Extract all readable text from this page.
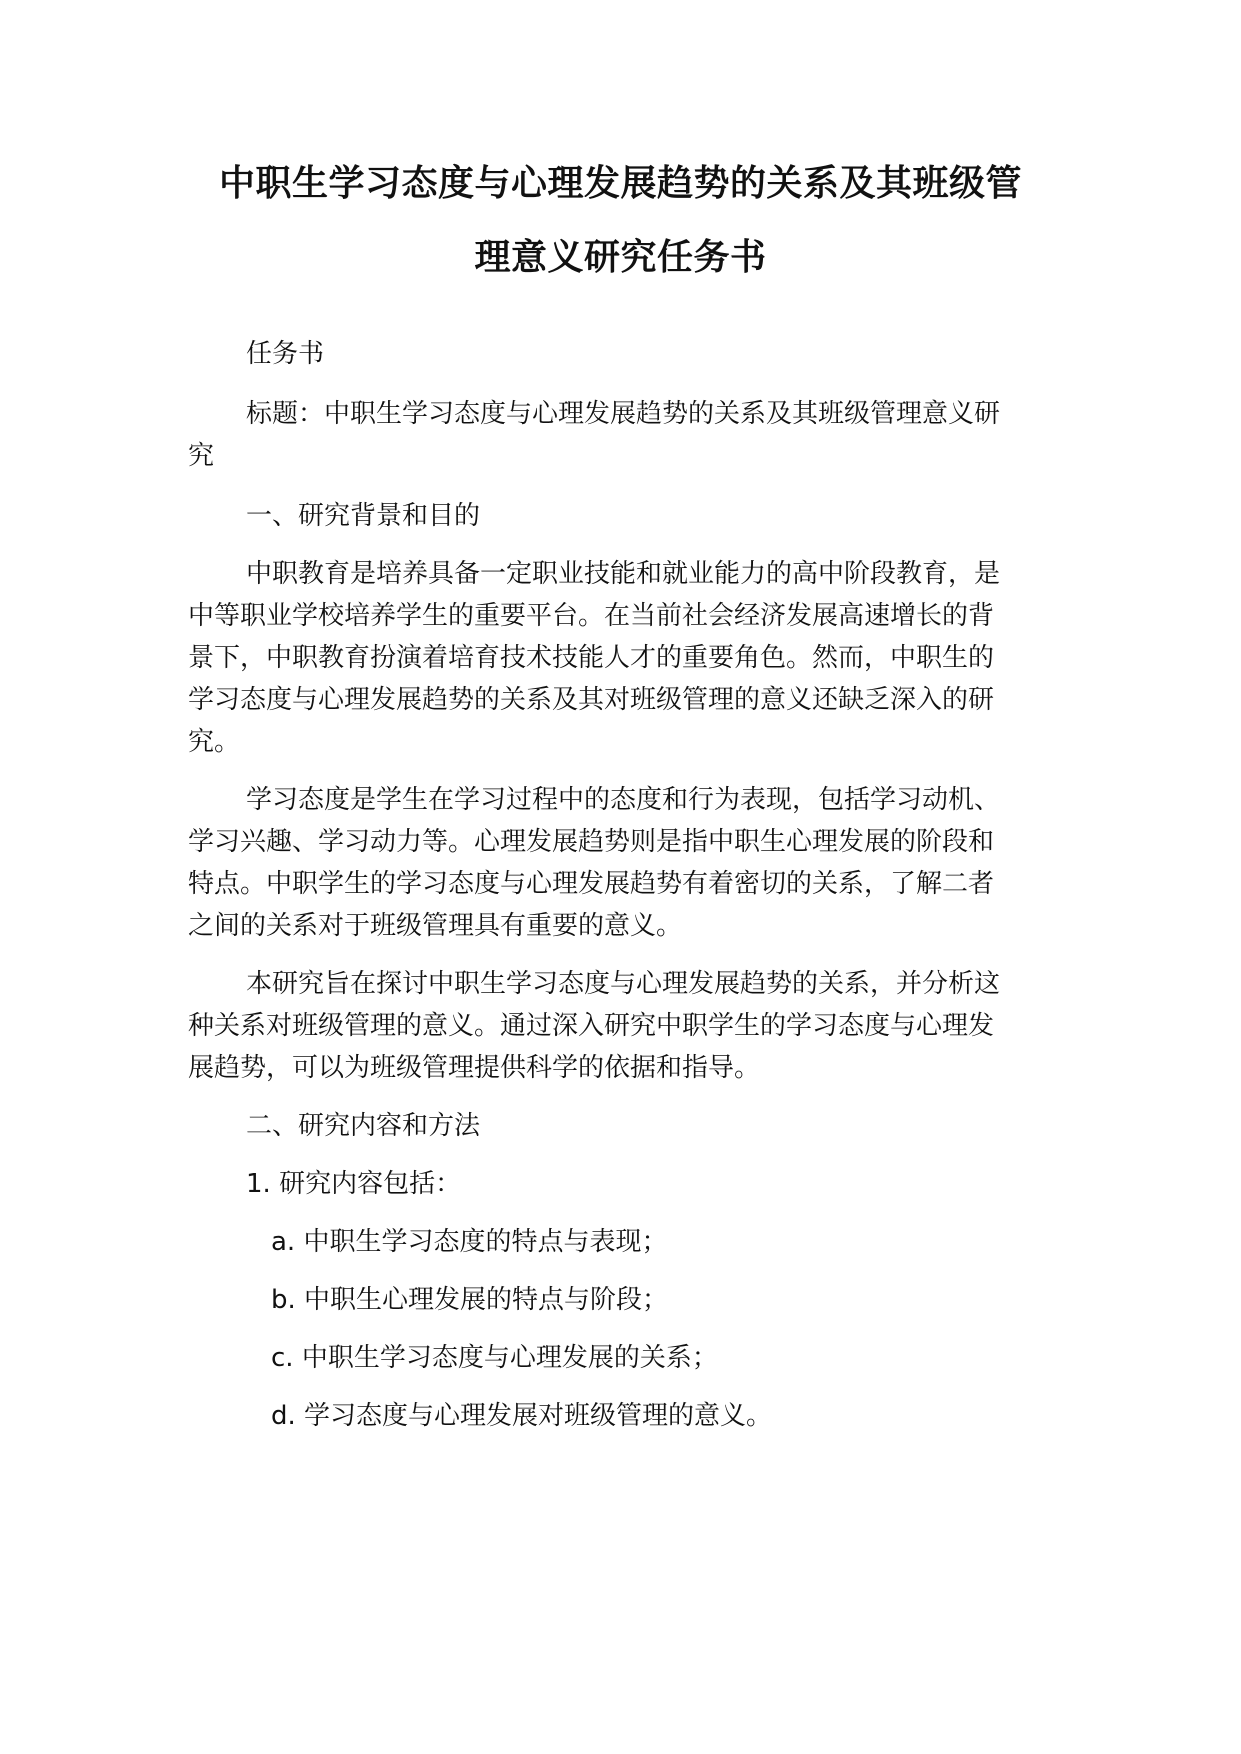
中职生学习态度与心理发展趋势的关系及其班级管
理意义研究任务书
任务书
标题：中职生学习态度与心理发展趋势的关系及其班级管理意义研
究
一、研究背景和目的
中职教育是培养具备一定职业技能和就业能力的高中阶段教育，是
中等职业学校培养学生的重要平台。在当前社会经济发展高速增长的背
景下，中职教育扮演着培育技术技能人才的重要角色。然而，中职生的
学习态度与心理发展趋势的关系及其对班级管理的意义还缺乏深入的研
究。
学习态度是学生在学习过程中的态度和行为表现，包括学习动机、
学习兴趣、学习动力等。心理发展趋势则是指中职生心理发展的阶段和
特点。中职学生的学习态度与心理发展趋势有着密切的关系，了解二者
之间的关系对于班级管理具有重要的意义。
本研究旨在探讨中职生学习态度与心理发展趋势的关系，并分析这
种关系对班级管理的意义。通过深入研究中职学生的学习态度与心理发
展趋势，可以为班级管理提供科学的依据和指导。
二、研究内容和方法
1. 研究内容包括：
a. 中职生学习态度的特点与表现；
b. 中职生心理发展的特点与阶段；
c. 中职生学习态度与心理发展的关系；
d. 学习态度与心理发展对班级管理的意义。
